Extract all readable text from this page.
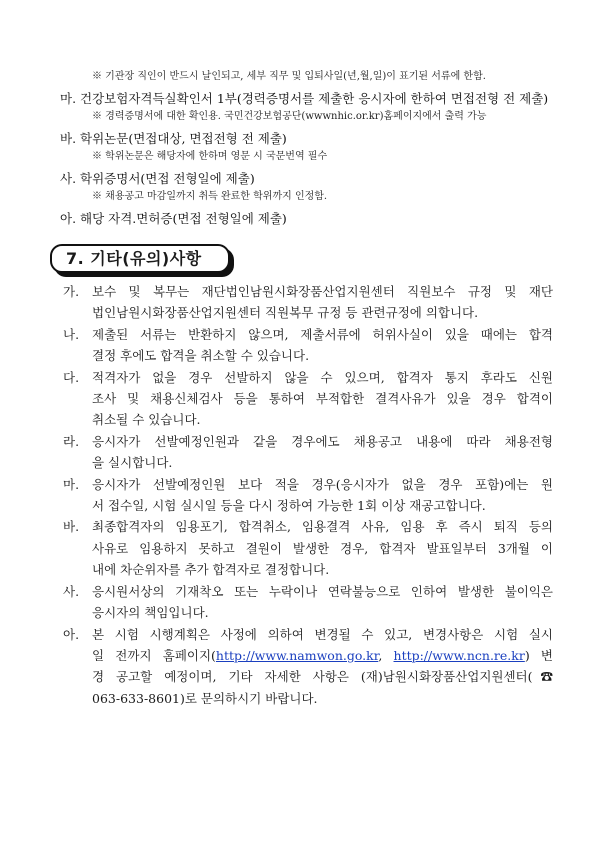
※ 기관장 직인이 반드시 날인되고, 세부 직무 및 입퇴사일(년,월,일)이 표기된 서류에 한함.
마. 건강보험자격득실확인서 1부(경력증명서를 제출한 응시자에 한하여 면접전형 전 제출)
※ 경력증명서에 대한 확인용. 국민건강보험공단(wwwnhic.or.kr)홈페이지에서 출력 가능
바. 학위논문(면접대상, 면접전형 전 제출)
※ 학위논문은 해당자에 한하며 영문 시 국문번역 필수
사. 학위증명서(면접 전형일에 제출)
※ 채용공고 마감일까지 취득 완료한 학위까지 인정함.
아. 해당 자격.면허증(면접 전형일에 제출)
7. 기타(유의)사항
가.	보수 및 복무는 재단법인남원시화장품산업지원센터 직원보수 규정 및 재단
법인남원시화장품산업지원센터 직원복무 규정 등 관련규정에 의합니다.
나.	제출된 서류는 반환하지 않으며, 제출서류에 허위사실이 있을 때에는 합격
결정 후에도 합격을 취소할 수 있습니다.
다.	적격자가 없을 경우 선발하지 않을 수 있으며, 합격자 통지 후라도 신원
조사 및 채용신체검사 등을 통하여 부적합한 결격사유가 있을 경우 합격이
취소될 수 있습니다.
라.	응시자가 선발예정인원과 같을 경우에도 채용공고 내용에 따라 채용전형
을 실시합니다.
마.	응시자가 선발예정인원 보다 적을 경우(응시자가 없을 경우 포함)에는 원
서 접수일, 시험 실시일 등을 다시 정하여 가능한 1회 이상 재공고합니다.
바.	최종합격자의 임용포기, 합격취소, 임용결격 사유, 임용 후 즉시 퇴직 등의
사유로 임용하지 못하고 결원이 발생한 경우, 합격자 발표일부터 3개월 이
내에 차순위자를 추가 합격자로 결정합니다.
사.	응시원서상의 기재착오 또는 누락이나 연락불능으로 인하여 발생한 불이익은
응시자의 책임입니다.
아.	본 시험 시행계획은 사정에 의하여 변경될 수 있고, 변경사항은 시험 실시
일 전까지 홈페이지(http://www.namwon.go.kr, http://www.ncn.re.kr) 변
경 공고할 예정이며, 기타 자세한 사항은 (재)남원시화장품산업지원센터(☎
063-633-8601)로 문의하시기 바랍니다.
